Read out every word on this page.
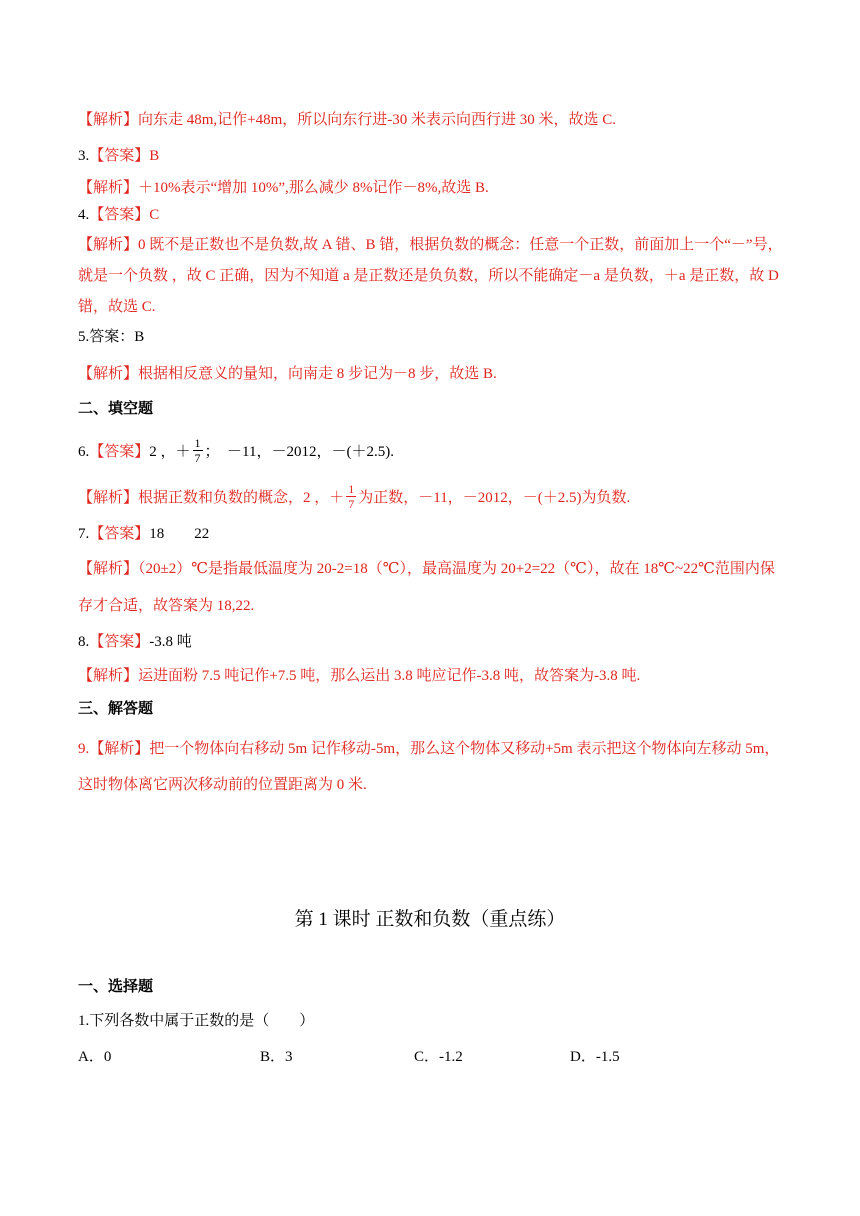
【解析】向东走 48m,记作+48m，所以向东行进-30 米表示向西行进 30 米，故选 C.
3.【答案】B
【解析】＋10%表示“增加 10%”,那么减少 8%记作－8%,故选 B.
4.【答案】C
【解析】0 既不是正数也不是负数,故 A 错、B 错，根据负数的概念：任意一个正数，前面加上一个“－”号，
就是一个负数 ，故 C 正确，因为不知道 a 是正数还是负负数，所以不能确定－a 是负数，＋a 是正数，故 D
错，故选 C.
5.答案：B
【解析】根据相反意义的量知，向南走 8 步记为－8 步，故选 B.
二、填空题
6.【答案】2 ，＋ $\frac{1}{7}$ ；　－11，－2012，－(＋2.5).
【解析】根据正数和负数的概念，2 ，＋ $\frac{1}{7}$ 为正数，－11，－2012，－(＋2.5)为负数.
7.【答案】18　　22
【解析】（20±2）℃是指最低温度为 20-2=18（℃），最高温度为 20+2=22（℃），故在 18℃~22℃范围内保
存才合适，故答案为 18,22.
8.【答案】-3.8 吨
【解析】运进面粉 7.5 吨记作+7.5 吨，那么运出 3.8 吨应记作-3.8 吨，故答案为-3.8 吨.
三、解答题
9.【解析】把一个物体向右移动 5m 记作移动-5m，那么这个物体又移动+5m 表示把这个物体向左移动 5m，
这时物体离它两次移动前的位置距离为 0 米.
第 1 课时 正数和负数（重点练）
一、选择题
1.下列各数中属于正数的是（　　）
A．0	B．3	C．-1.2	D．-1.5
